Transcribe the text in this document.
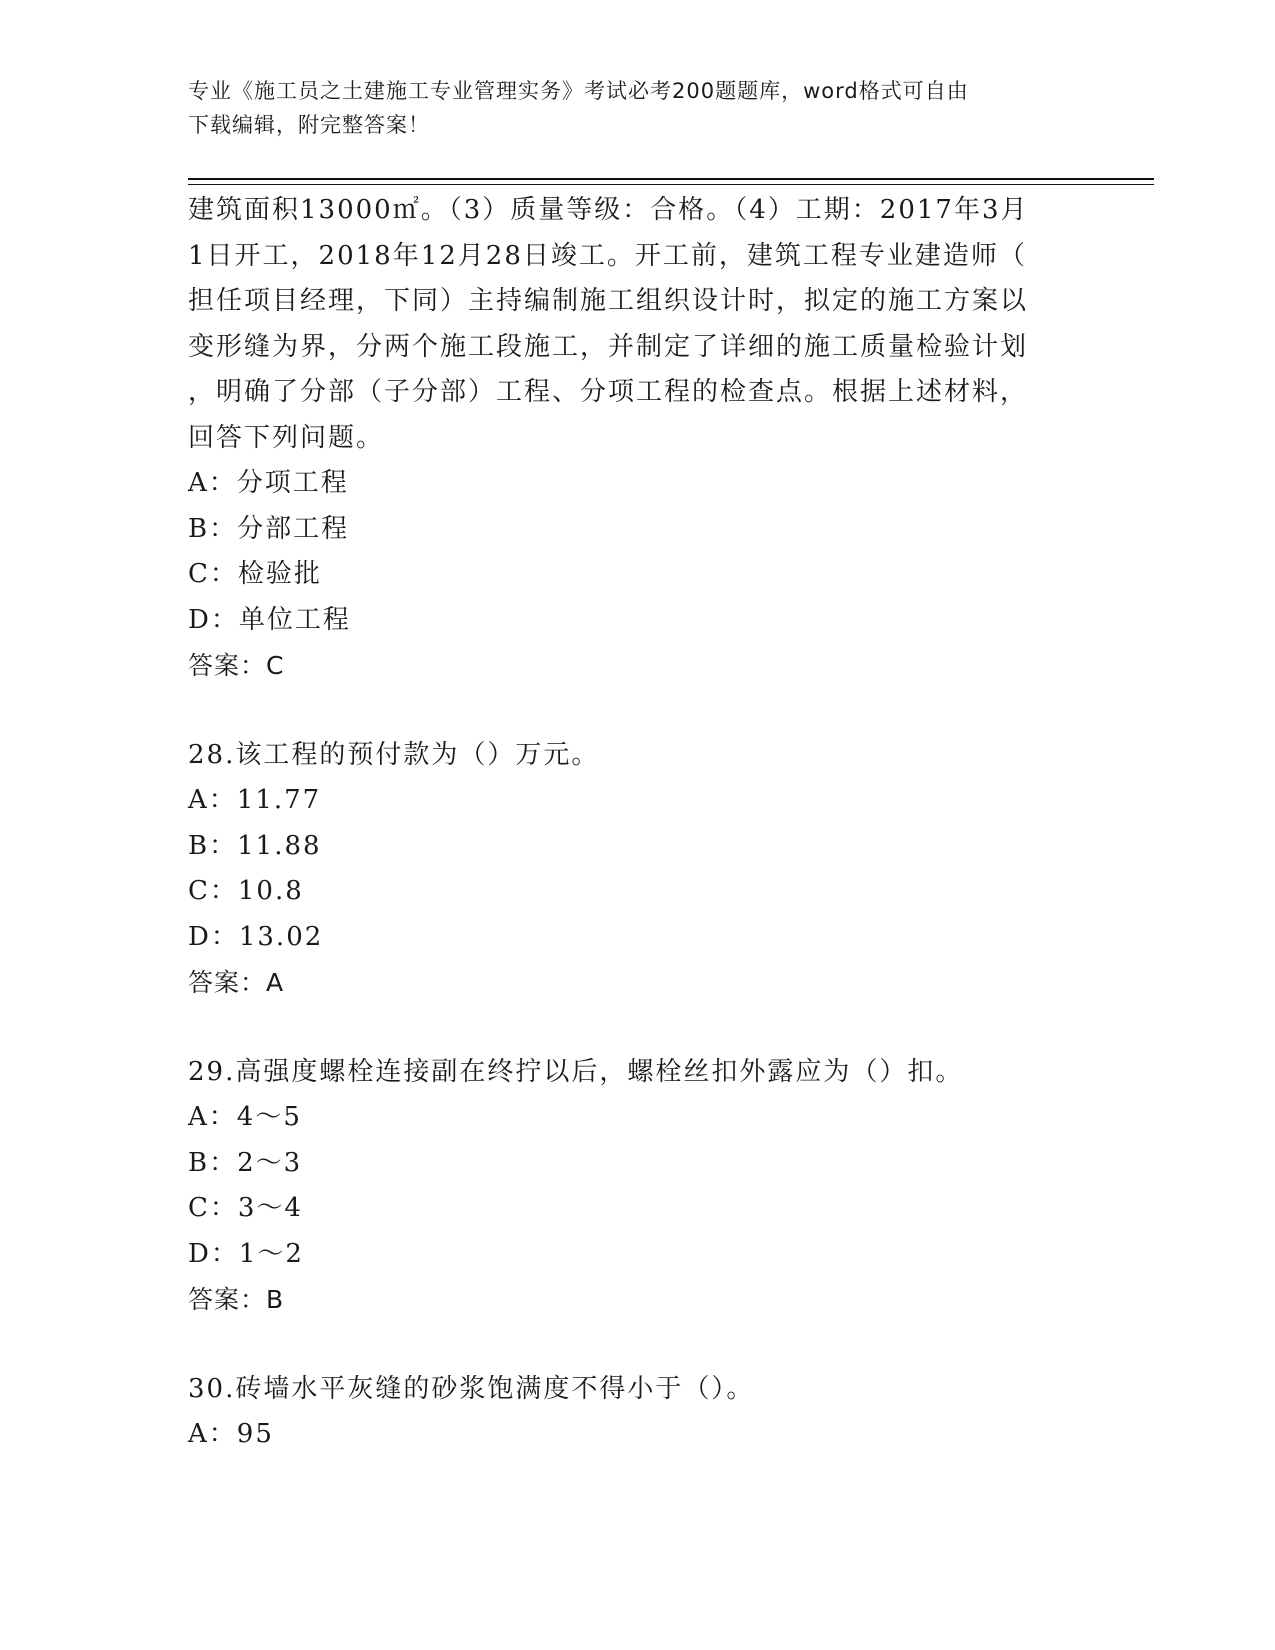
专业《施工员之土建施工专业管理实务》考试必考200题题库，word格式可自由
下载编辑，附完整答案！
建筑面积13000㎡。（3）质量等级：合格。（4）工期：2017年3月
1日开工，2018年12月28日竣工。开工前，建筑工程专业建造师（
担任项目经理，下同）主持编制施工组织设计时，拟定的施工方案以
变形缝为界，分两个施工段施工，并制定了详细的施工质量检验计划
，明确了分部（子分部）工程、分项工程的检查点。根据上述材料，
回答下列问题。
A：分项工程
B：分部工程
C：检验批
D：单位工程
答案：C
28.该工程的预付款为（）万元。
A：11.77
B：11.88
C：10.8
D：13.02
答案：A
29.高强度螺栓连接副在终拧以后，螺栓丝扣外露应为（）扣。
A：4～5
B：2～3
C：3～4
D：1～2
答案：B
30.砖墙水平灰缝的砂浆饱满度不得小于（）。
A：95
